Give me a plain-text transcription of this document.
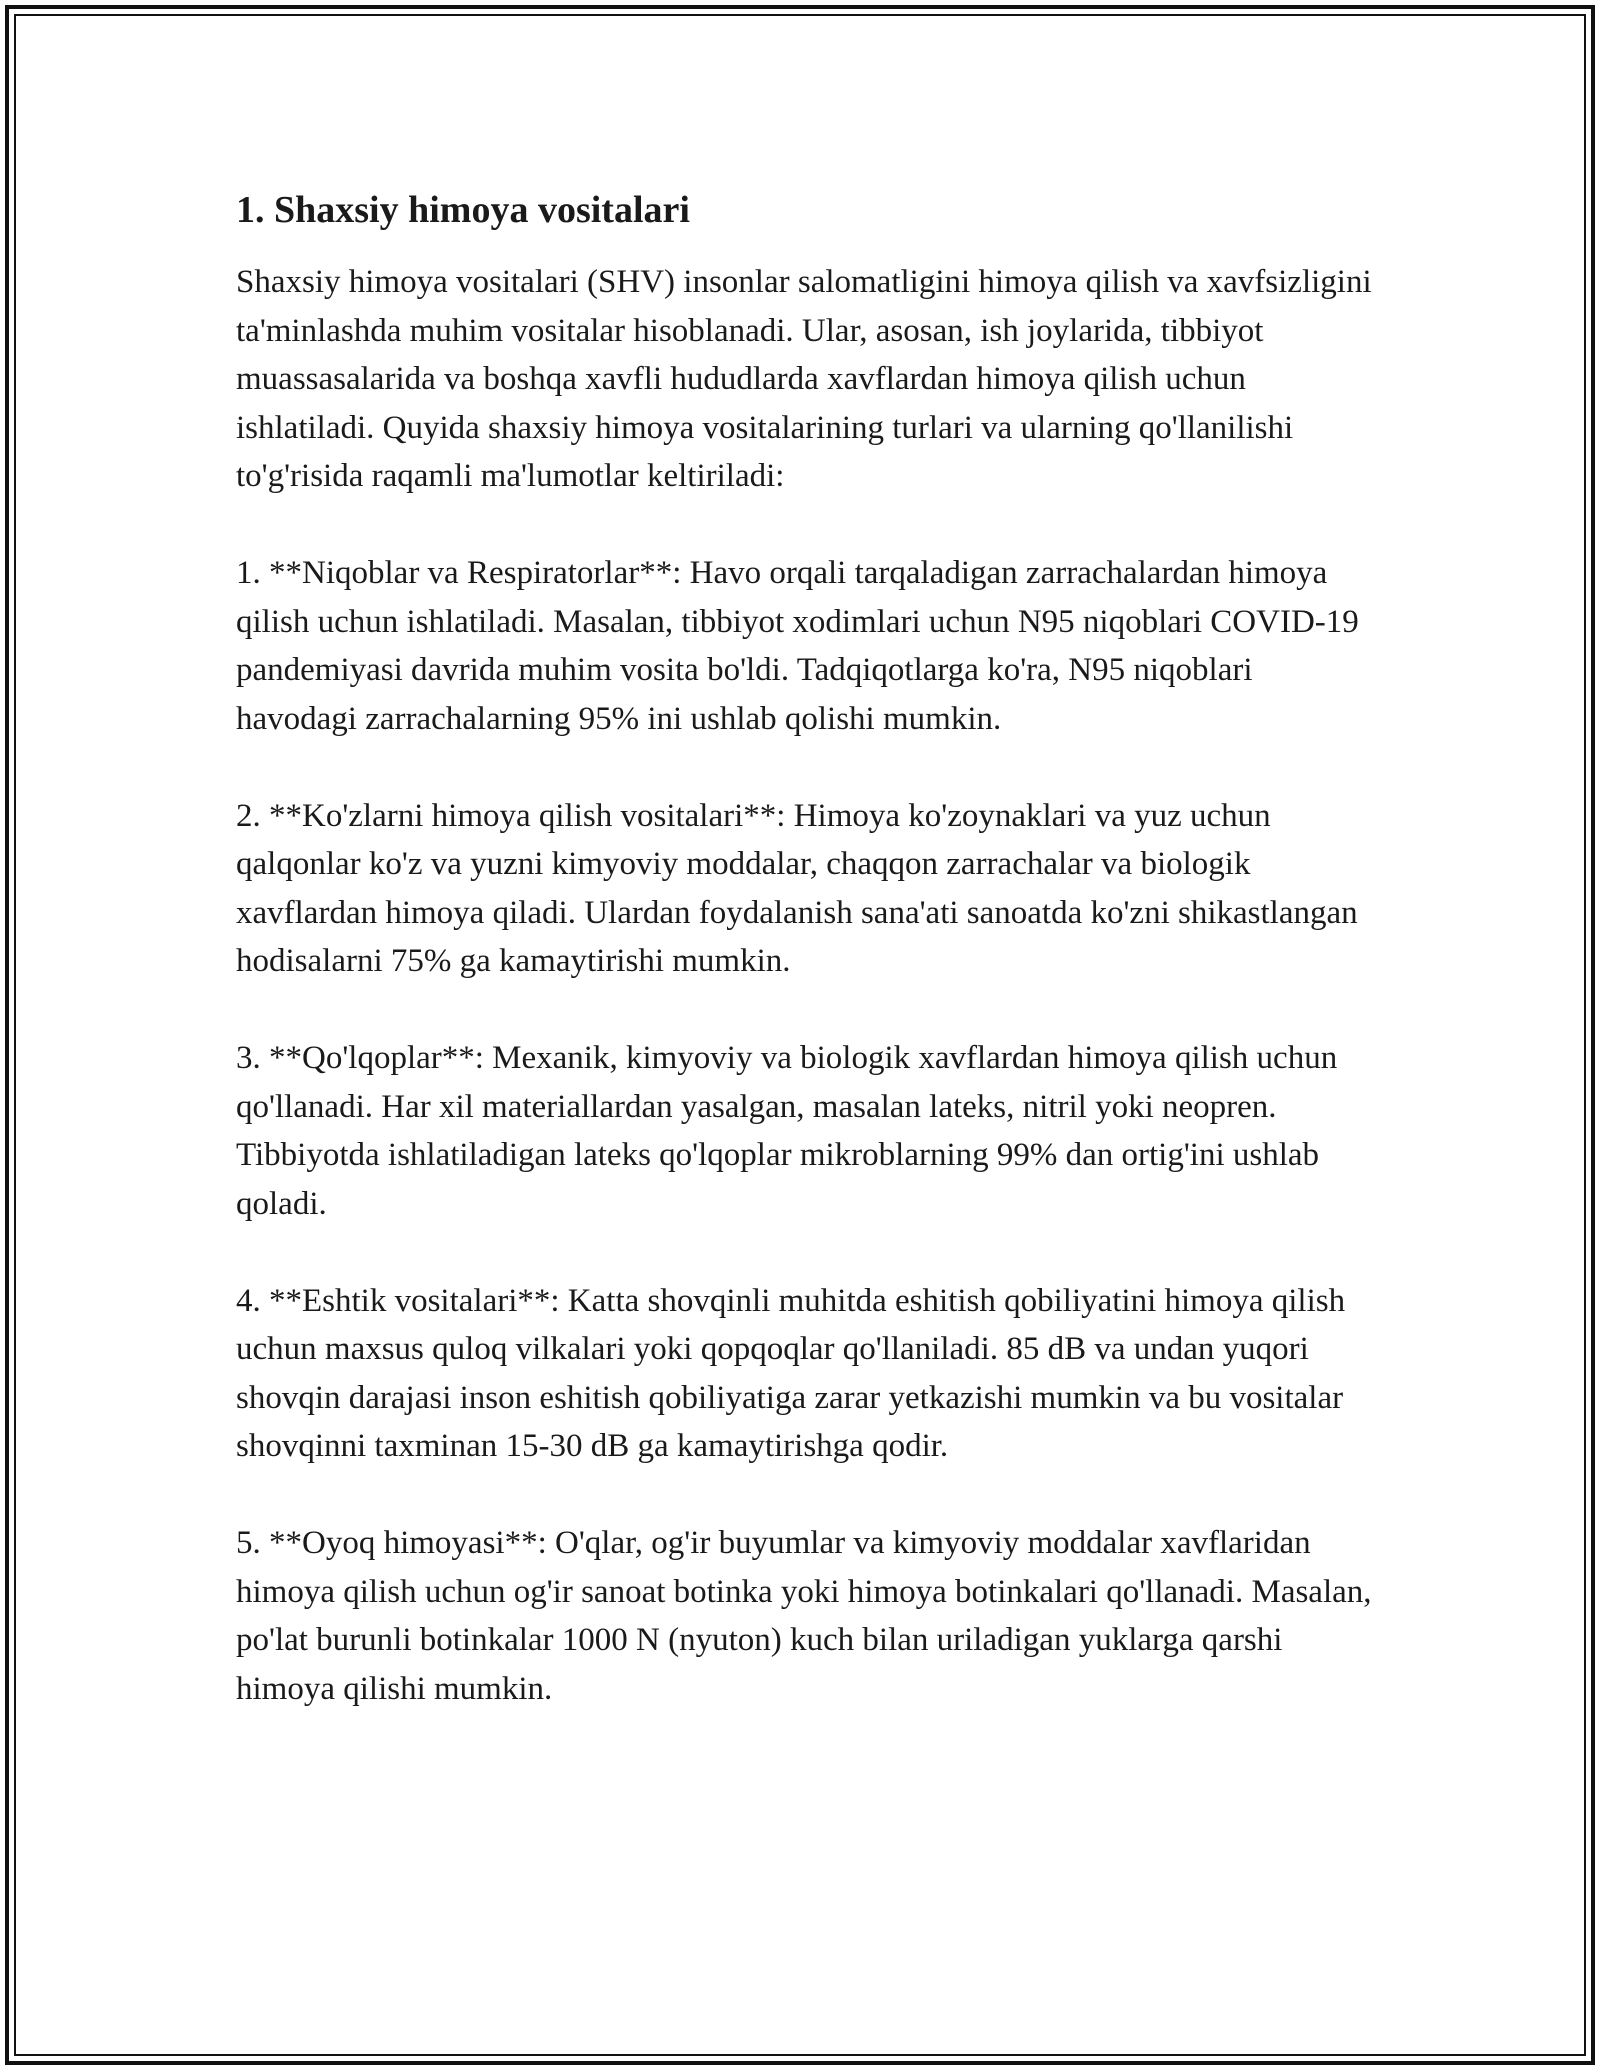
1. Shaxsiy himoya vositalari

Shaxsiy himoya vositalari (SHV) insonlar salomatligini himoya qilish va xavfsizligini ta'minlashda muhim vositalar hisoblanadi. Ular, asosan, ish joylarida, tibbiyot muassasalarida va boshqa xavfli hududlarda xavflardan himoya qilish uchun ishlatiladi. Quyida shaxsiy himoya vositalarining turlari va ularning qo'llanilishi to'g'risida raqamli ma'lumotlar keltiriladi:

1. **Niqoblar va Respiratorlar**: Havo orqali tarqaladigan zarrachalardan himoya qilish uchun ishlatiladi. Masalan, tibbiyot xodimlari uchun N95 niqoblari COVID-19 pandemiyasi davrida muhim vosita bo'ldi. Tadqiqotlarga ko'ra, N95 niqoblari havodagi zarrachalarning 95% ini ushlab qolishi mumkin.

2. **Ko'zlarni himoya qilish vositalari**: Himoya ko'zoynaklari va yuz uchun qalqonlar ko'z va yuzni kimyoviy moddalar, chaqqon zarrachalar va biologik xavflardan himoya qiladi. Ulardan foydalanish sana'ati sanoatda ko'zni shikastlangan hodisalarni 75% ga kamaytirishi mumkin.

3. **Qo'lqoplar**: Mexanik, kimyoviy va biologik xavflardan himoya qilish uchun qo'llanadi. Har xil materiallardan yasalgan, masalan lateks, nitril yoki neopren. Tibbiyotda ishlatiladigan lateks qo'lqoplar mikroblarning 99% dan ortig'ini ushlab qoladi.

4. **Eshtik vositalari**: Katta shovqinli muhitda eshitish qobiliyatini himoya qilish uchun maxsus quloq vilkalari yoki qopqoqlar qo'llaniladi. 85 dB va undan yuqori shovqin darajasi inson eshitish qobiliyatiga zarar yetkazishi mumkin va bu vositalar shovqinni taxminan 15-30 dB ga kamaytirishga qodir.

5. **Oyoq himoyasi**: O'qlar, og'ir buyumlar va kimyoviy moddalar xavflaridan himoya qilish uchun og'ir sanoat botinka yoki himoya botinkalari qo'llanadi. Masalan, po'lat burunli botinkalar 1000 N (nyuton) kuch bilan uriladigan yuklarga qarshi himoya qilishi mumkin.
